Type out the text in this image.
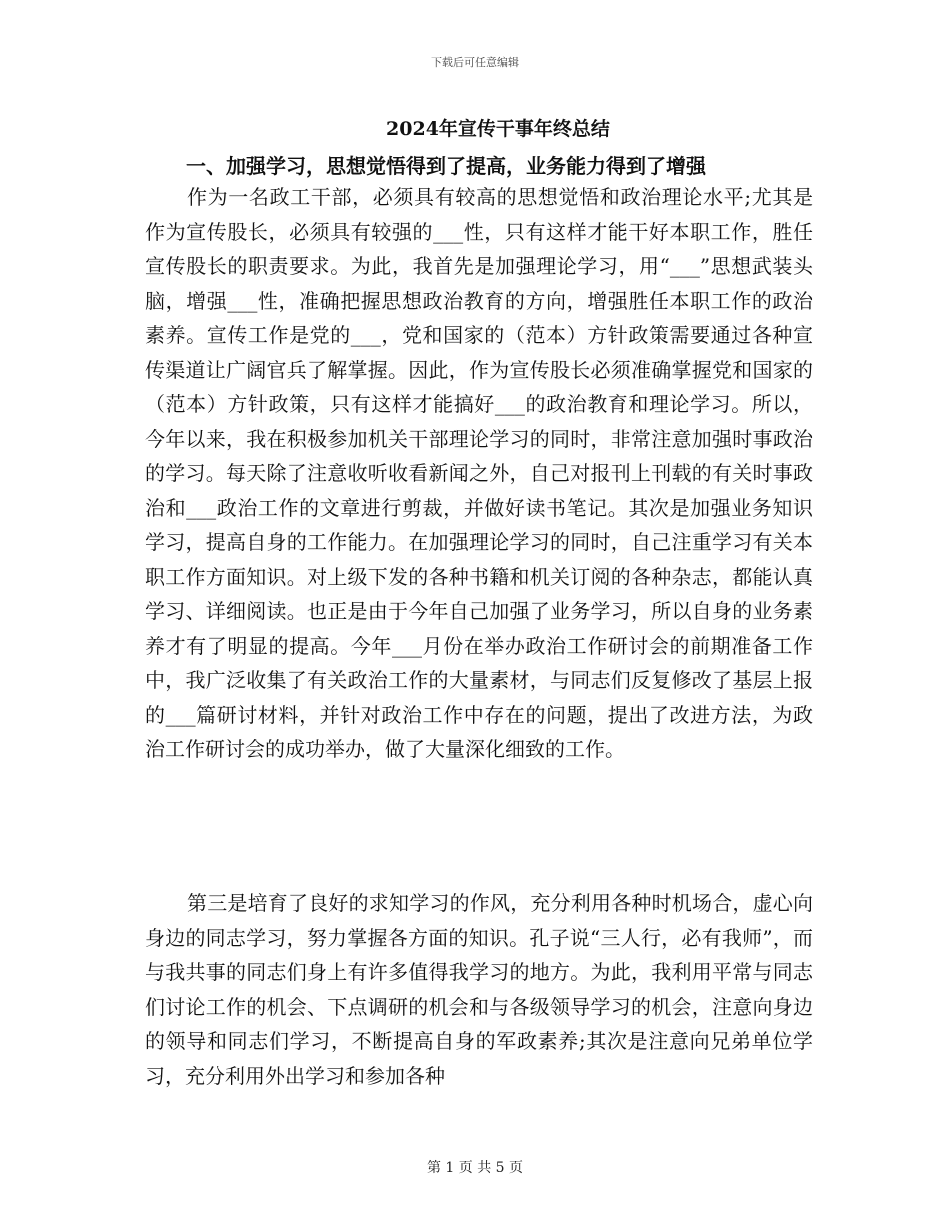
下载后可任意编辑
2024年宣传干事年终总结
一、加强学习，思想觉悟得到了提高，业务能力得到了增强

作为一名政工干部，必须具有较高的思想觉悟和政治理论水平;尤其是作为宣传股长，必须具有较强的___性，只有这样才能干好本职工作，胜任宣传股长的职责要求。为此，我首先是加强理论学习，用“___”思想武装头脑，增强___性，准确把握思想政治教育的方向，增强胜任本职工作的政治素养。宣传工作是党的___，党和国家的（范本）方针政策需要通过各种宣传渠道让广阔官兵了解掌握。因此，作为宣传股长必须准确掌握党和国家的（范本）方针政策，只有这样才能搞好___的政治教育和理论学习。所以，今年以来，我在积极参加机关干部理论学习的同时，非常注意加强时事政治的学习。每天除了注意收听收看新闻之外，自己对报刊上刊载的有关时事政治和___政治工作的文章进行剪裁，并做好读书笔记。其次是加强业务知识学习，提高自身的工作能力。在加强理论学习的同时，自己注重学习有关本职工作方面知识。对上级下发的各种书籍和机关订阅的各种杂志，都能认真学习、详细阅读。也正是由于今年自己加强了业务学习，所以自身的业务素养才有了明显的提高。今年___月份在举办政治工作研讨会的前期准备工作中，我广泛收集了有关政治工作的大量素材，与同志们反复修改了基层上报的___篇研讨材料，并针对政治工作中存在的问题，提出了改进方法，为政治工作研讨会的成功举办，做了大量深化细致的工作。

第三是培育了良好的求知学习的作风，充分利用各种时机场合，虚心向身边的同志学习，努力掌握各方面的知识。孔子说“三人行，必有我师”，而与我共事的同志们身上有许多值得我学习的地方。为此，我利用平常与同志们讨论工作的机会、下点调研的机会和与各级领导学习的机会，注意向身边的领导和同志们学习，不断提高自身的军政素养;其次是注意向兄弟单位学习，充分利用外出学习和参加各种

第 1 页 共 5 页
